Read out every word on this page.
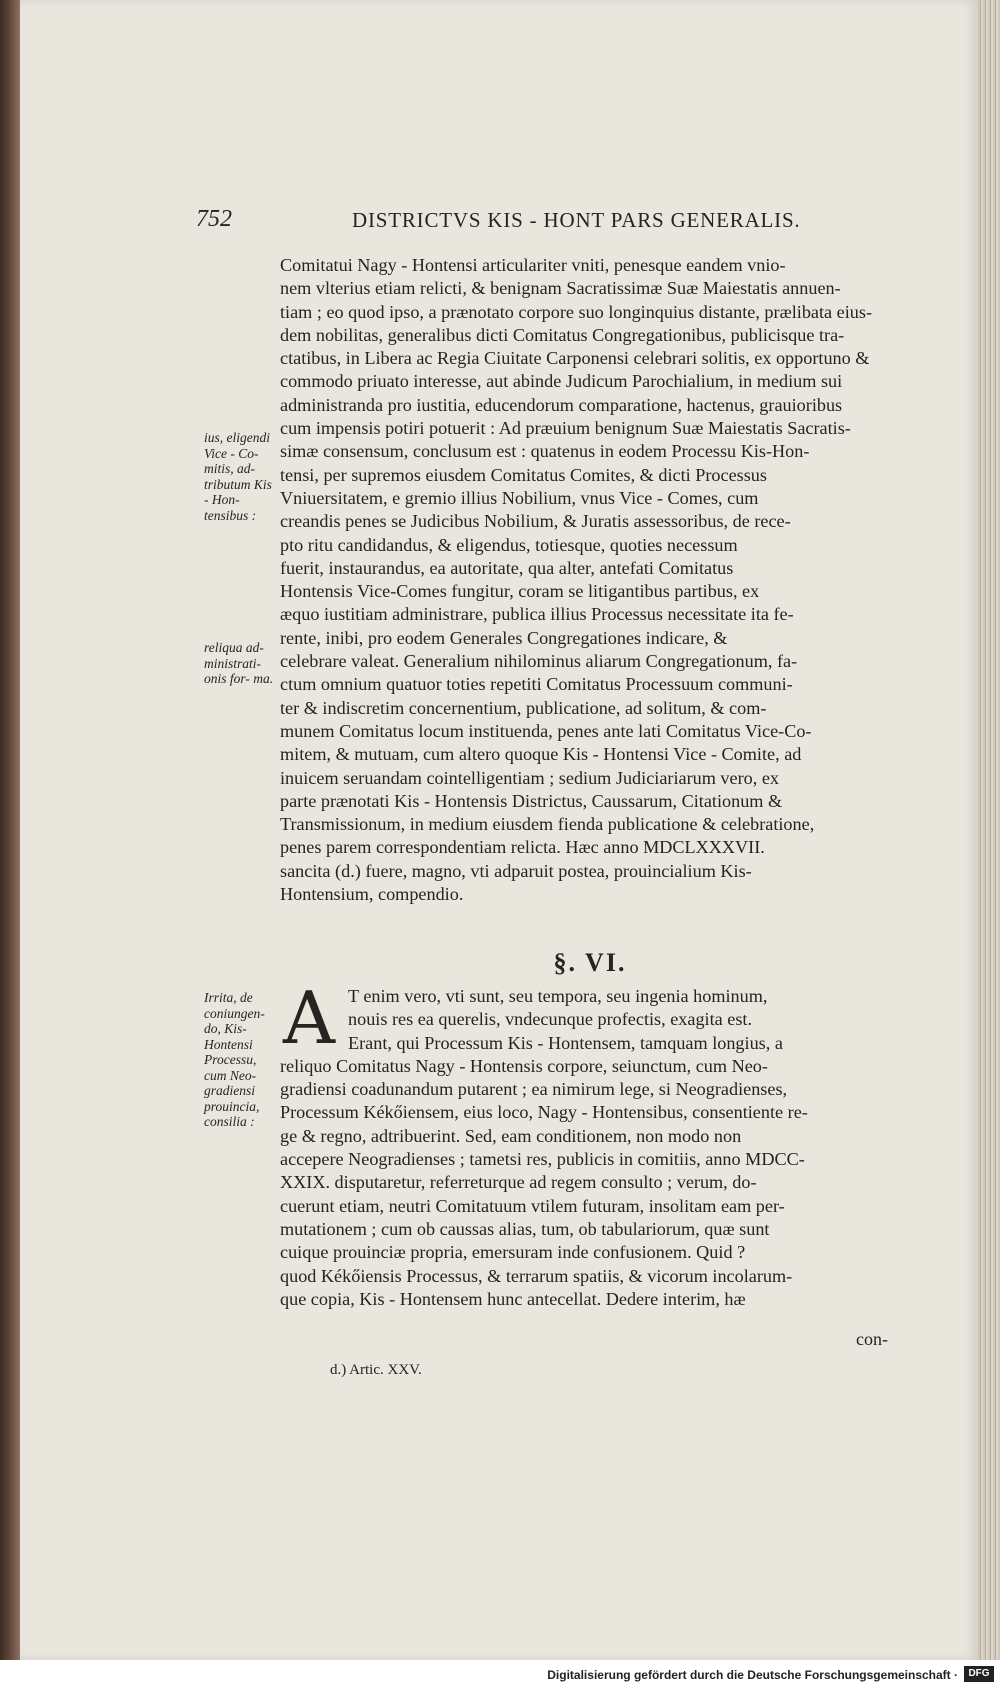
752	DISTRICTVS KIS - HONT PARS GENERALIS.
ius, eligendi Vice - Co- mitis, ad- tributum Kis - Hon- tensibus :
reliqua ad- ministrati- onis for- ma.
Irrita, de coniungen- do, Kis- Hontensi Processu, cum Neo- gradiensi prouincia, consilia :
Comitatui Nagy - Hontensi articulariter vniti, penesque eandem vnio-
nem vlterius etiam relicti, & benignam Sacratissimæ Suæ Maiestatis annuen-
tiam ; eo quod ipso, a prænotato corpore suo longinquius distante, prælibata eius-
dem nobilitas, generalibus dicti Comitatus Congregationibus, publicisque tra-
ctatibus, in Libera ac Regia Ciuitate Carponensi celebrari solitis, ex opportuno &
commodo priuato interesse, aut abinde Judicum Parochialium, in medium sui
administranda pro iustitia, educendorum comparatione, hactenus, grauioribus
cum impensis potiri potuerit : Ad præuium benignum Suæ Maiestatis Sacratis-
simæ consensum, conclusum est : quatenus in eodem Processu Kis-Hon-
tensi, per supremos eiusdem Comitatus Comites, & dicti Processus
Vniuersitatem, e gremio illius Nobilium, vnus Vice - Comes, cum
creandis penes se Judicibus Nobilium, & Juratis assessoribus, de rece-
pto ritu candidandus, & eligendus, totiesque, quoties necessum
fuerit, instaurandus, ea autoritate, qua alter, antefati Comitatus
Hontensis Vice-Comes fungitur, coram se litigantibus partibus, ex
æquo iustitiam administrare, publica illius Processus necessitate ita fe-
rente, inibi, pro eodem Generales Congregationes indicare, &
celebrare valeat. Generalium nihilominus aliarum Congregationum, fa-
ctum omnium quatuor toties repetiti Comitatus Processuum communi-
ter & indiscretim concernentium, publicatione, ad solitum, & com-
munem Comitatus locum instituenda, penes ante lati Comitatus Vice-Co-
mitem, & mutuam, cum altero quoque Kis - Hontensi Vice - Comite, ad
inuicem seruandam cointelligentiam ; sedium Judiciariarum vero, ex
parte prænotati Kis - Hontensis Districtus, Caussarum, Citationum &
Transmissionum, in medium eiusdem fienda publicatione & celebratione,
penes parem correspondentiam relicta. Hæc anno MDCLXXXVII.
sancita (d.) fuere, magno, vti adparuit postea, prouincialium Kis-
Hontensium, compendio.
§. VI.
A T enim vero, vti sunt, seu tempora, seu ingenia hominum,
nouis res ea querelis, vndecunque profectis, exagita est.
Erant, qui Processum Kis - Hontensem, tamquam longius, a
reliquo Comitatus Nagy - Hontensis corpore, seiunctum, cum Neo-
gradiensi coadunandum putarent ; ea nimirum lege, si Neogradienses,
Processum Kékőiensem, eius loco, Nagy - Hontensibus, consentiente re-
ge & regno, adtribuerint. Sed, eam conditionem, non modo non
accepere Neogradienses ; tametsi res, publicis in comitiis, anno MDCC-
XXIX. disputaretur, referreturque ad regem consulto ; verum, do-
cuerunt etiam, neutri Comitatuum vtilem futuram, insolitam eam per-
mutationem ; cum ob caussas alias, tum, ob tabulariorum, quæ sunt
cuique prouinciæ propria, emersuram inde confusionem. Quid ?
quod Kékőiensis Processus, & terrarum spatiis, & vicorum incolarum-
que copia, Kis - Hontensem hunc antecellat. Dedere interim, hæ
con-
d.) Artic. XXV.
Digitalisierung gefördert durch die Deutsche Forschungsgemeinschaft ·	DFG
